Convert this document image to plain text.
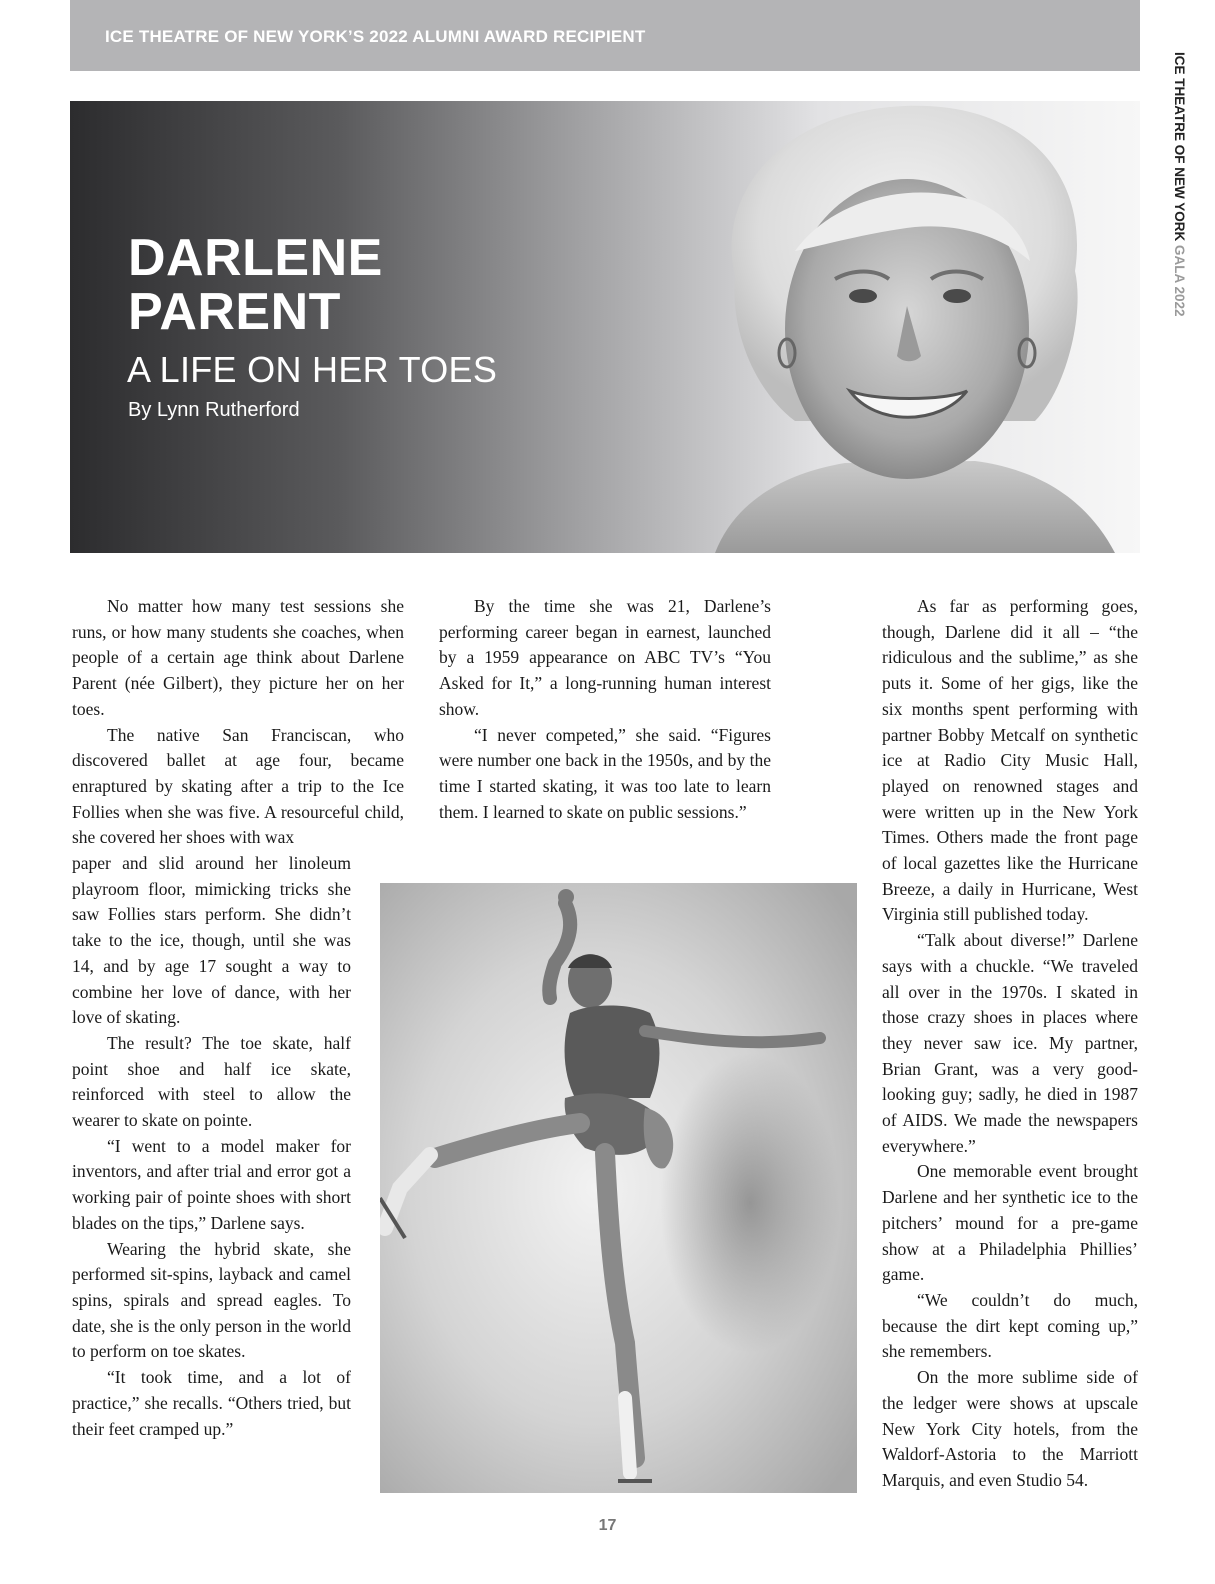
ICE THEATRE OF NEW YORK’S 2022 ALUMNI AWARD RECIPIENT
ICE THEATRE OF NEW YORK GALA 2022
DARLENE
PARENT
A LIFE ON HER TOES
By Lynn Rutherford

No matter how many test sessions she runs, or how many students she coaches, when people of a certain age think about Darlene Parent (née Gilbert), they picture her on her toes.

The native San Franciscan, who discovered ballet at age four, became enraptured by skating after a trip to the Ice Follies when she was five. A resourceful child, she covered her shoes with wax

paper and slid around her linoleum playroom floor, mimicking tricks she saw Follies stars perform. She didn’t take to the ice, though, until she was 14, and by age 17 sought a way to combine her love of dance, with her love of skating.

The result? The toe skate, half point shoe and half ice skate, reinforced with steel to allow the wearer to skate on pointe.

“I went to a model maker for inventors, and after trial and error got a working pair of pointe shoes with short blades on the tips,” Darlene says.

Wearing the hybrid skate, she performed sit-spins, layback and camel spins, spirals and spread eagles. To date, she is the only person in the world to perform on toe skates.

“It took time, and a lot of practice,” she recalls. “Others tried, but their feet cramped up.”

By the time she was 21, Darlene’s performing career began in earnest, launched by a 1959 appearance on ABC TV’s “You Asked for It,” a long-running human interest show.

“I never competed,” she said. “Figures were number one back in the 1950s, and by the time I started skating, it was too late to learn them. I learned to skate on public sessions.”

As far as performing goes, though, Darlene did it all – “the ridiculous and the sublime,” as she puts it. Some of her gigs, like the six months spent performing with partner Bobby Metcalf on synthetic ice at Radio City Music Hall, played on renowned stages and were written up in the New York Times. Others made the front page of local gazettes like the Hurricane Breeze, a daily in Hurricane, West Virginia still published today.

“Talk about diverse!” Darlene says with a chuckle. “We traveled all over in the 1970s. I skated in those crazy shoes in places where they never saw ice. My partner, Brian Grant, was a very good-looking guy; sadly, he died in 1987 of AIDS. We made the newspapers everywhere.”

One memorable event brought Darlene and her synthetic ice to the pitchers’ mound for a pre-game show at a Philadelphia Phillies’ game.

“We couldn’t do much, because the dirt kept coming up,” she remembers.

On the more sublime side of the ledger were shows at upscale New York City hotels, from the Waldorf-Astoria to the Marriott Marquis, and even Studio 54.

17
